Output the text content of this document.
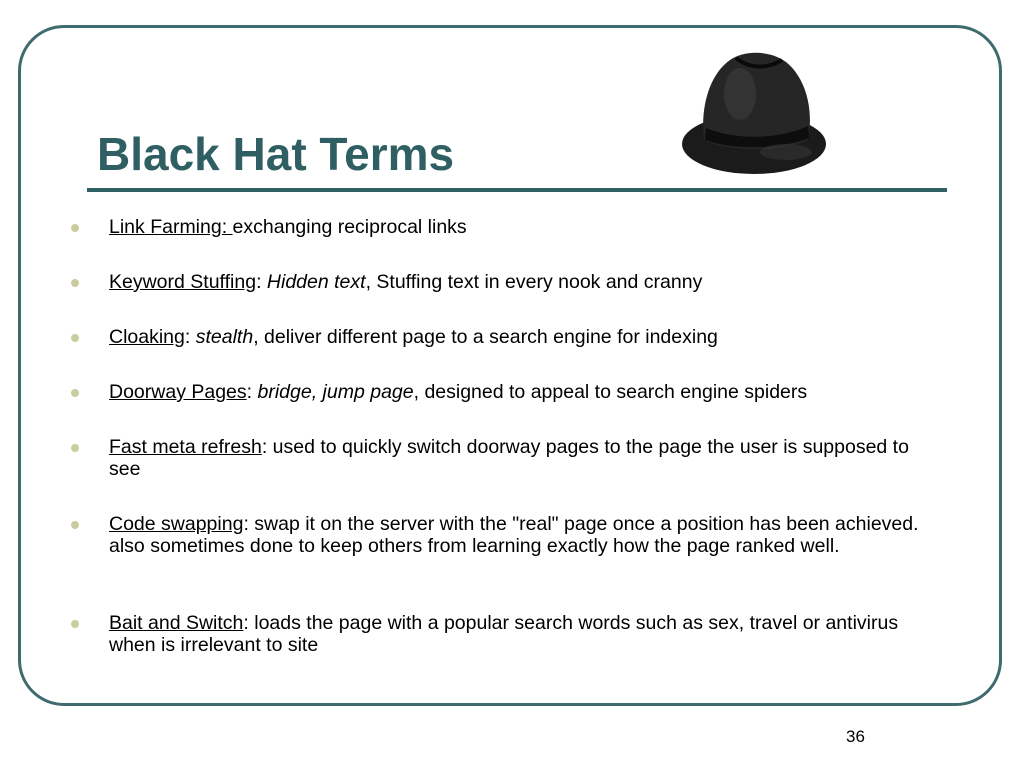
Black Hat Terms

Link Farming: exchanging reciprocal links

Keyword Stuffing: Hidden text, Stuffing text in every nook and cranny

Cloaking: stealth, deliver different page to a search engine for indexing

Doorway Pages: bridge, jump page, designed to appeal to search engine spiders

Fast meta refresh: used to quickly switch doorway pages to the page the user is supposed to see

Code swapping: swap it on the server with the "real" page once a position has been achieved. also sometimes done to keep others from learning exactly how the page ranked well.

Bait and Switch: loads the page with a popular search words such as sex, travel or antivirus when is irrelevant to site

36
